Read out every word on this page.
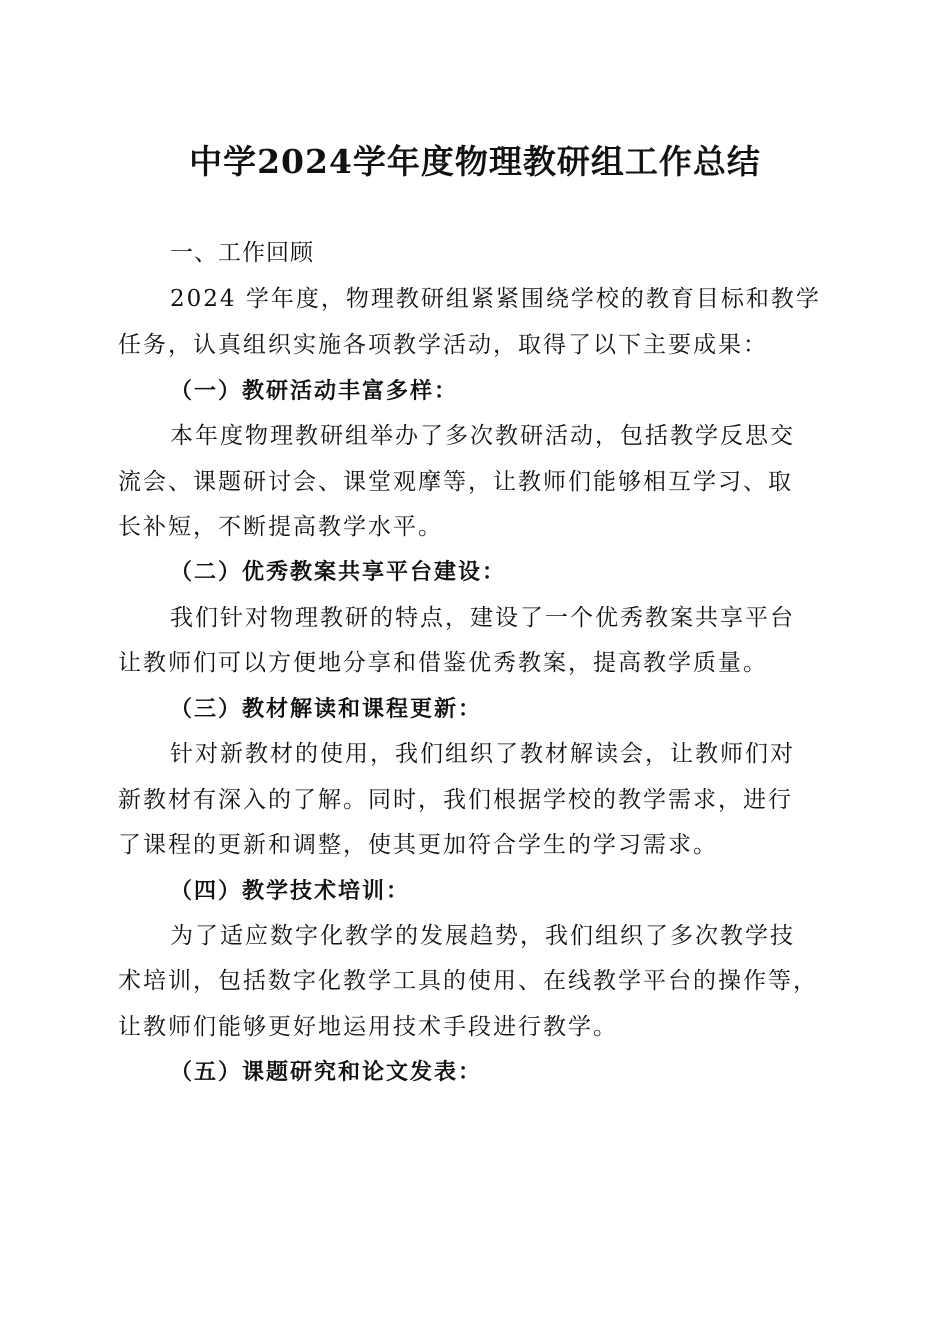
中学2024学年度物理教研组工作总结
一、工作回顾
2024 学年度，物理教研组紧紧围绕学校的教育目标和教学
任务，认真组织实施各项教学活动，取得了以下主要成果：
（一）教研活动丰富多样：
本年度物理教研组举办了多次教研活动，包括教学反思交
流会、课题研讨会、课堂观摩等，让教师们能够相互学习、取
长补短，不断提高教学水平。
（二）优秀教案共享平台建设：
我们针对物理教研的特点，建设了一个优秀教案共享平台
让教师们可以方便地分享和借鉴优秀教案，提高教学质量。
（三）教材解读和课程更新：
针对新教材的使用，我们组织了教材解读会，让教师们对
新教材有深入的了解。同时，我们根据学校的教学需求，进行
了课程的更新和调整，使其更加符合学生的学习需求。
（四）教学技术培训：
为了适应数字化教学的发展趋势，我们组织了多次教学技
术培训，包括数字化教学工具的使用、在线教学平台的操作等，
让教师们能够更好地运用技术手段进行教学。
（五）课题研究和论文发表：
